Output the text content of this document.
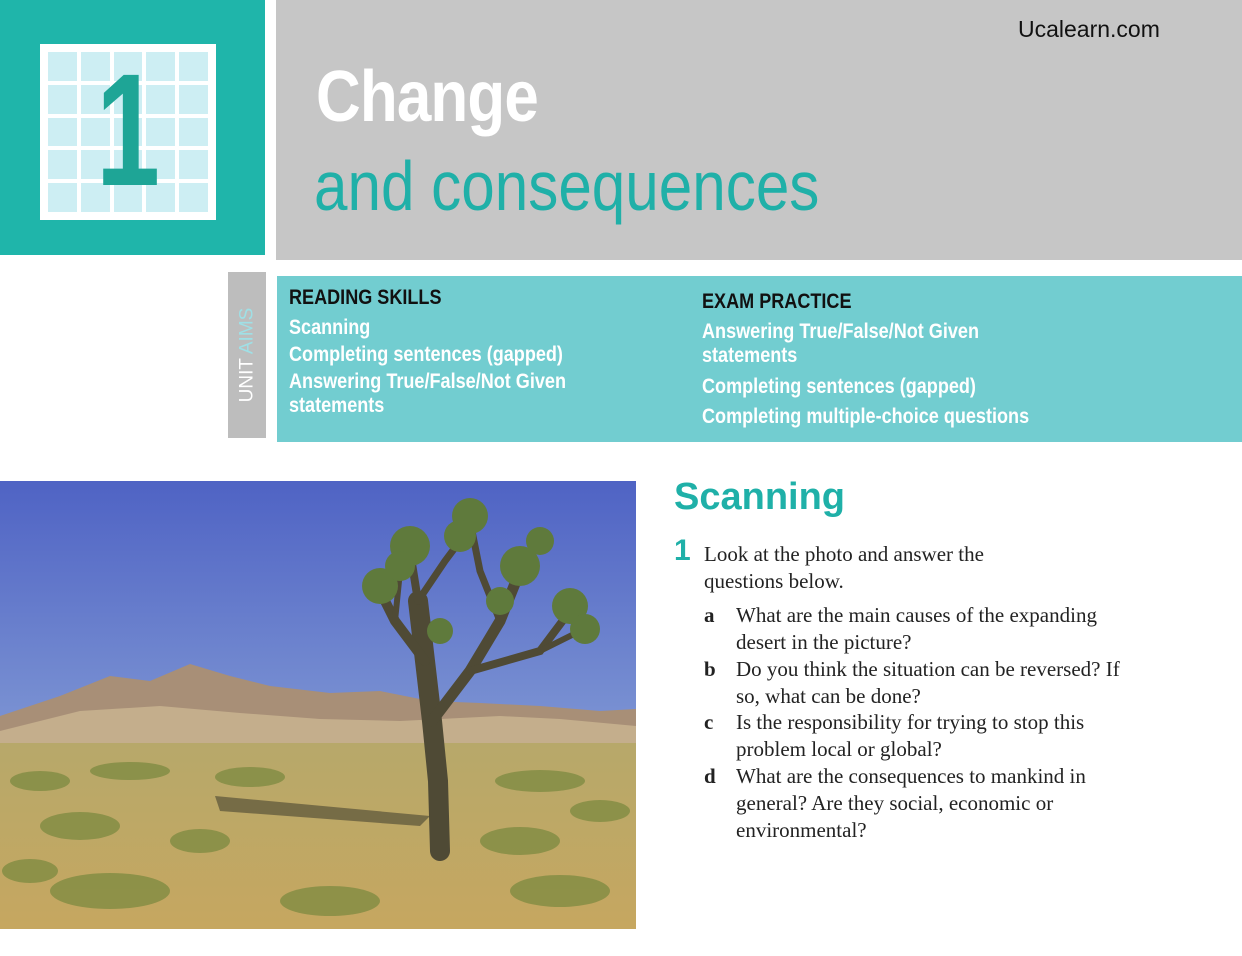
1	Change
and consequences
Ucalearn.com
UNIT AIMS
READING SKILLS
Scanning
Completing sentences (gapped)
Answering True/False/Not Given
statements
EXAM PRACTICE
Answering True/False/Not Given
statements
Completing sentences (gapped)
Completing multiple-choice questions
Scanning
1 Look at the photo and answer the questions below.
a What are the main causes of the expanding desert in the picture?
b Do you think the situation can be reversed? If so, what can be done?
c Is the responsibility for trying to stop this problem local or global?
d What are the consequences to mankind in general? Are they social, economic or environmental?
